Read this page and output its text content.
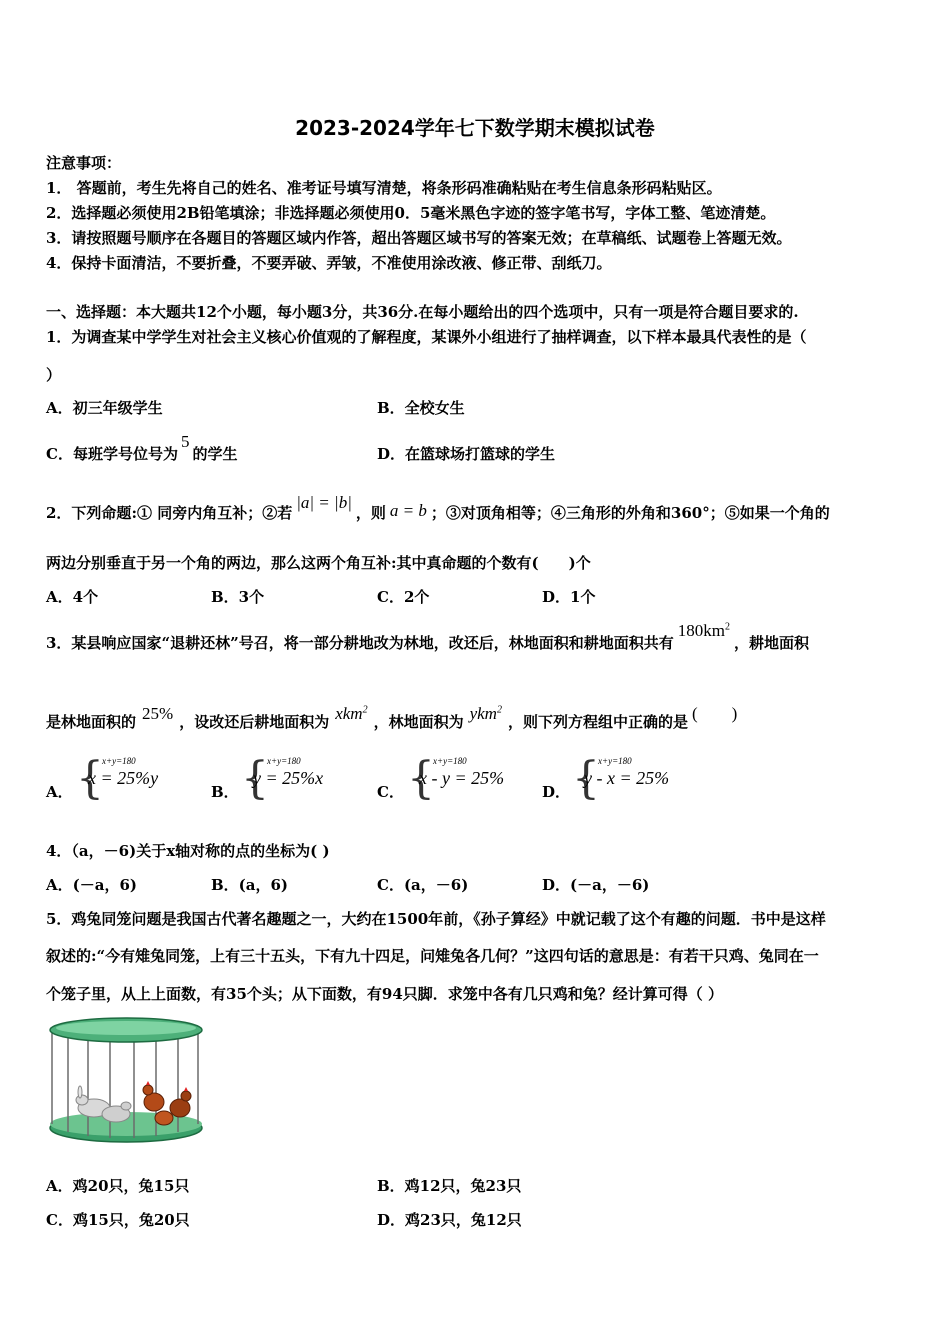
2023-2024学年七下数学期末模拟试卷
注意事项：
1． 答题前，考生先将自己的姓名、准考证号填写清楚，将条形码准确粘贴在考生信息条形码粘贴区。
2．选择题必须使用2B铅笔填涂；非选择题必须使用0．5毫米黑色字迹的签字笔书写，字体工整、笔迹清楚。
3．请按照题号顺序在各题目的答题区域内作答，超出答题区域书写的答案无效；在草稿纸、试题卷上答题无效。
4．保持卡面清洁，不要折叠，不要弄破、弄皱，不准使用涂改液、修正带、刮纸刀。
一、选择题：本大题共12个小题，每小题3分，共36分.在每小题给出的四个选项中，只有一项是符合题目要求的.
1．为调查某中学学生对社会主义核心价值观的了解程度，某课外小组进行了抽样调查，以下样本最具代表性的是（
）
A．初三年级学生	B．全校女生
C．每班学号位号为5的学生	D．在篮球场打篮球的学生
2．下列命题:① 同旁内角互补；②若|a| = |b|，则 a = b ；③对顶角相等；④三角形的外角和360°；⑤如果一个角的
两边分别垂直于另一个角的两边，那么这两个角互补:其中真命题的个数有(　　)个
A．4个	B．3个	C．2个	D．1个
3．某县响应国家“退耕还林”号召，将一部分耕地改为林地，改还后，林地面积和耕地面积共有$180km^2$，耕地面积
是林地面积的 25% ，设改还后耕地面积为 xkm$^2$，林地面积为 ykm$^2$，则下列方程组中正确的是 (　　)
A． {
x+y=180
x = 25%y
B． {
x+y=180
y = 25%x
C． {
x+y=180
x - y = 25%
D． {
x+y=180
y - x = 25%
4．（a，－6)关于x轴对称的点的坐标为( )
A．(－a，6)	B．(a，6)	C．(a，－6)	D．(－a，－6)
5．鸡兔同笼问题是我国古代著名趣题之一，大约在1500年前，《孙子算经》中就记载了这个有趣的问题．书中是这样
叙述的:“今有雉兔同笼，上有三十五头，下有九十四足，问雉兔各几何？”这四句话的意思是：有若干只鸡、兔同在一
个笼子里，从上上面数，有35个头；从下面数，有94只脚．求笼中各有几只鸡和兔？经计算可得（ ）
A．鸡20只，兔15只	B．鸡12只，兔23只
C．鸡15只，兔20只	D．鸡23只，兔12只
